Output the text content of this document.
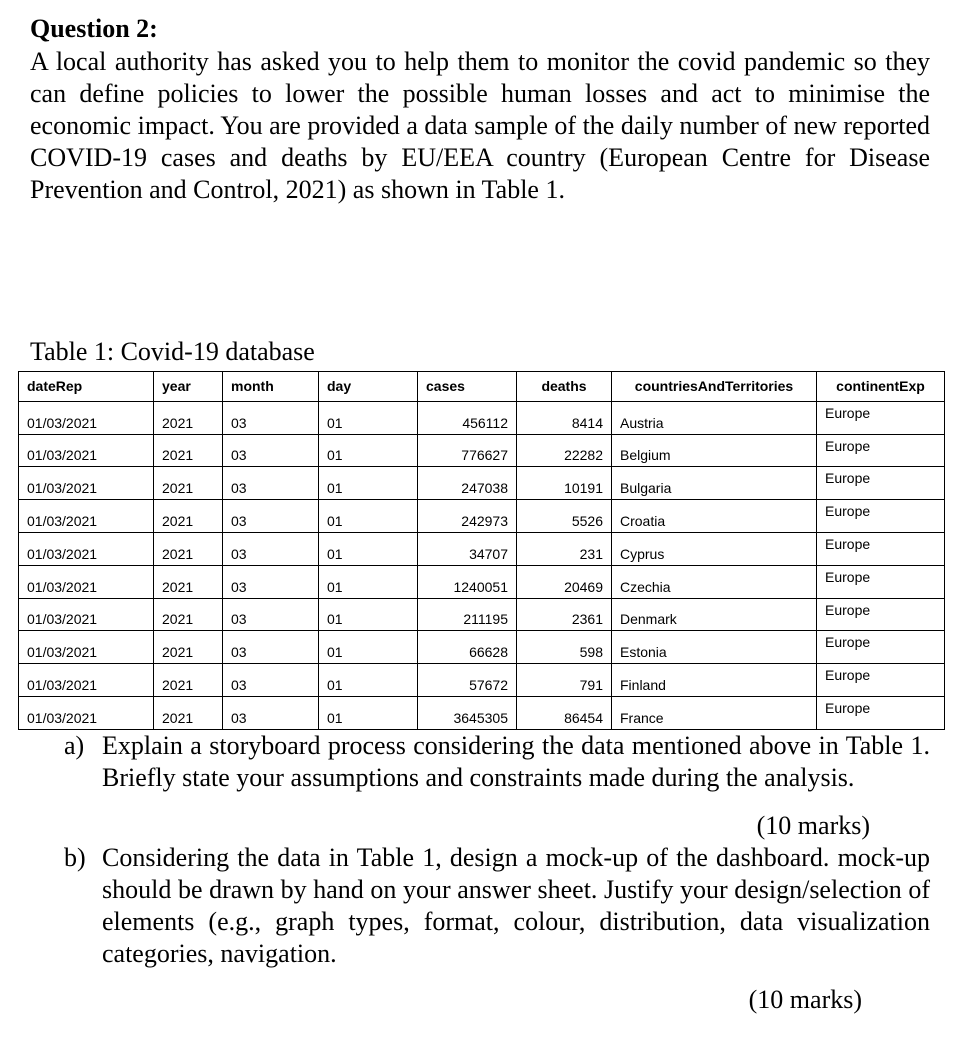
Question 2:

A local authority has asked you to help them to monitor the covid pandemic so they can define policies to lower the possible human losses and act to minimise the economic impact. You are provided a data sample of the daily number of new reported COVID-19 cases and deaths by EU/EEA country (European Centre for Disease Prevention and Control, 2021) as shown in Table 1.

Table 1: Covid-19 database

dateRep	year	month	day	cases	deaths	countriesAndTerritories	continentExp
01/03/2021	2021	03	01	456112	8414	Austria	Europe
01/03/2021	2021	03	01	776627	22282	Belgium	Europe
01/03/2021	2021	03	01	247038	10191	Bulgaria	Europe
01/03/2021	2021	03	01	242973	5526	Croatia	Europe
01/03/2021	2021	03	01	34707	231	Cyprus	Europe
01/03/2021	2021	03	01	1240051	20469	Czechia	Europe
01/03/2021	2021	03	01	211195	2361	Denmark	Europe
01/03/2021	2021	03	01	66628	598	Estonia	Europe
01/03/2021	2021	03	01	57672	791	Finland	Europe
01/03/2021	2021	03	01	3645305	86454	France	Europe
a) Explain a storyboard process considering the data mentioned above in Table 1. Briefly state your assumptions and constraints made during the analysis.

(10 marks)

b) Considering the data in Table 1, design a mock-up of the dashboard. mock-up should be drawn by hand on your answer sheet. Justify your design/selection of elements (e.g., graph types, format, colour, distribution, data visualization categories, navigation.

(10 marks)
